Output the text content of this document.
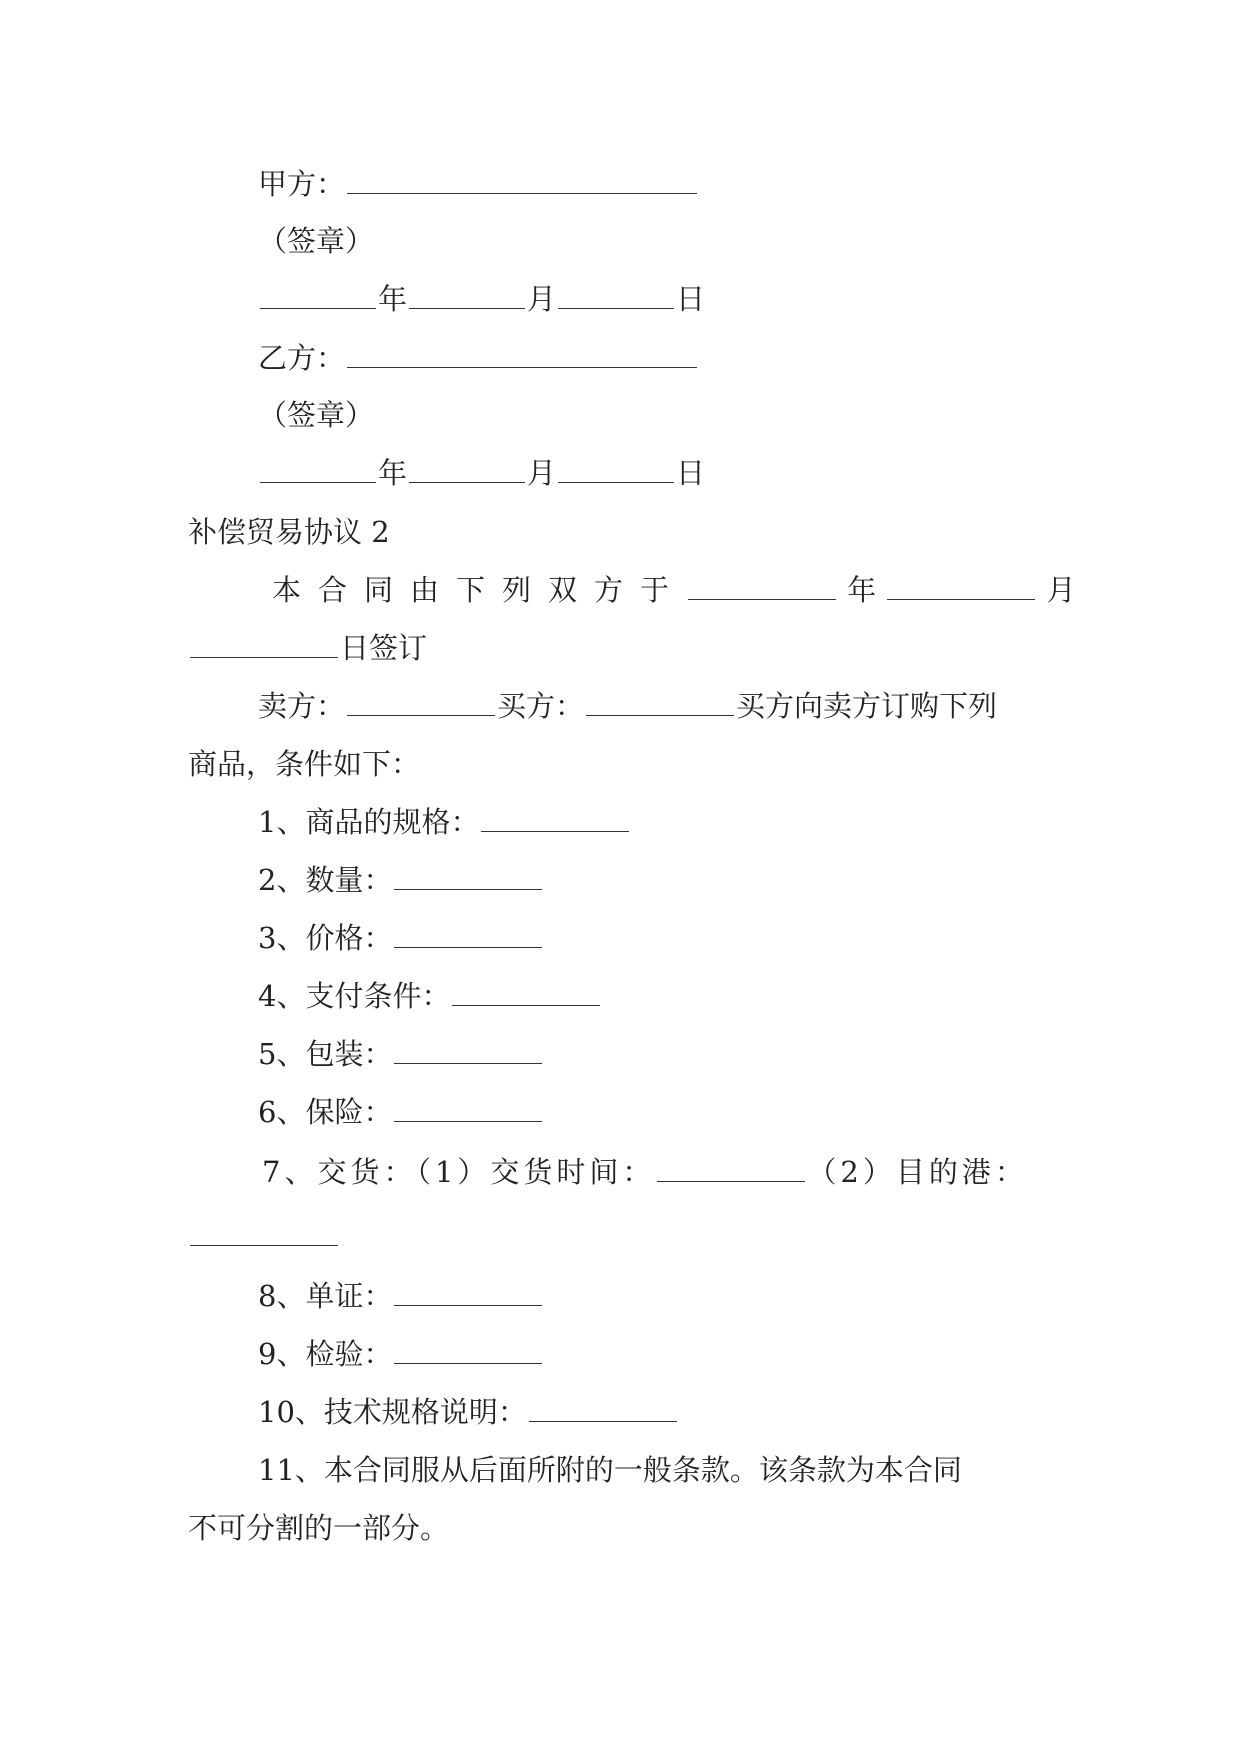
甲方：
（签章）
年	月	日
乙方：
（签章）
年	月	日
补偿贸易协议 2
本合同由下列双方于	年	月
日签订
卖方：	买方：	买方向卖方订购下列
商品，条件如下：
1、商品的规格：
2、数量：
3、价格：
4、支付条件：
5、包装：
6、保险：
7、交货：（1）交货时间：	（2）目的港：
8、单证：
9、检验：
10、技术规格说明：
11、本合同服从后面所附的一般条款。该条款为本合同
不可分割的一部分。
